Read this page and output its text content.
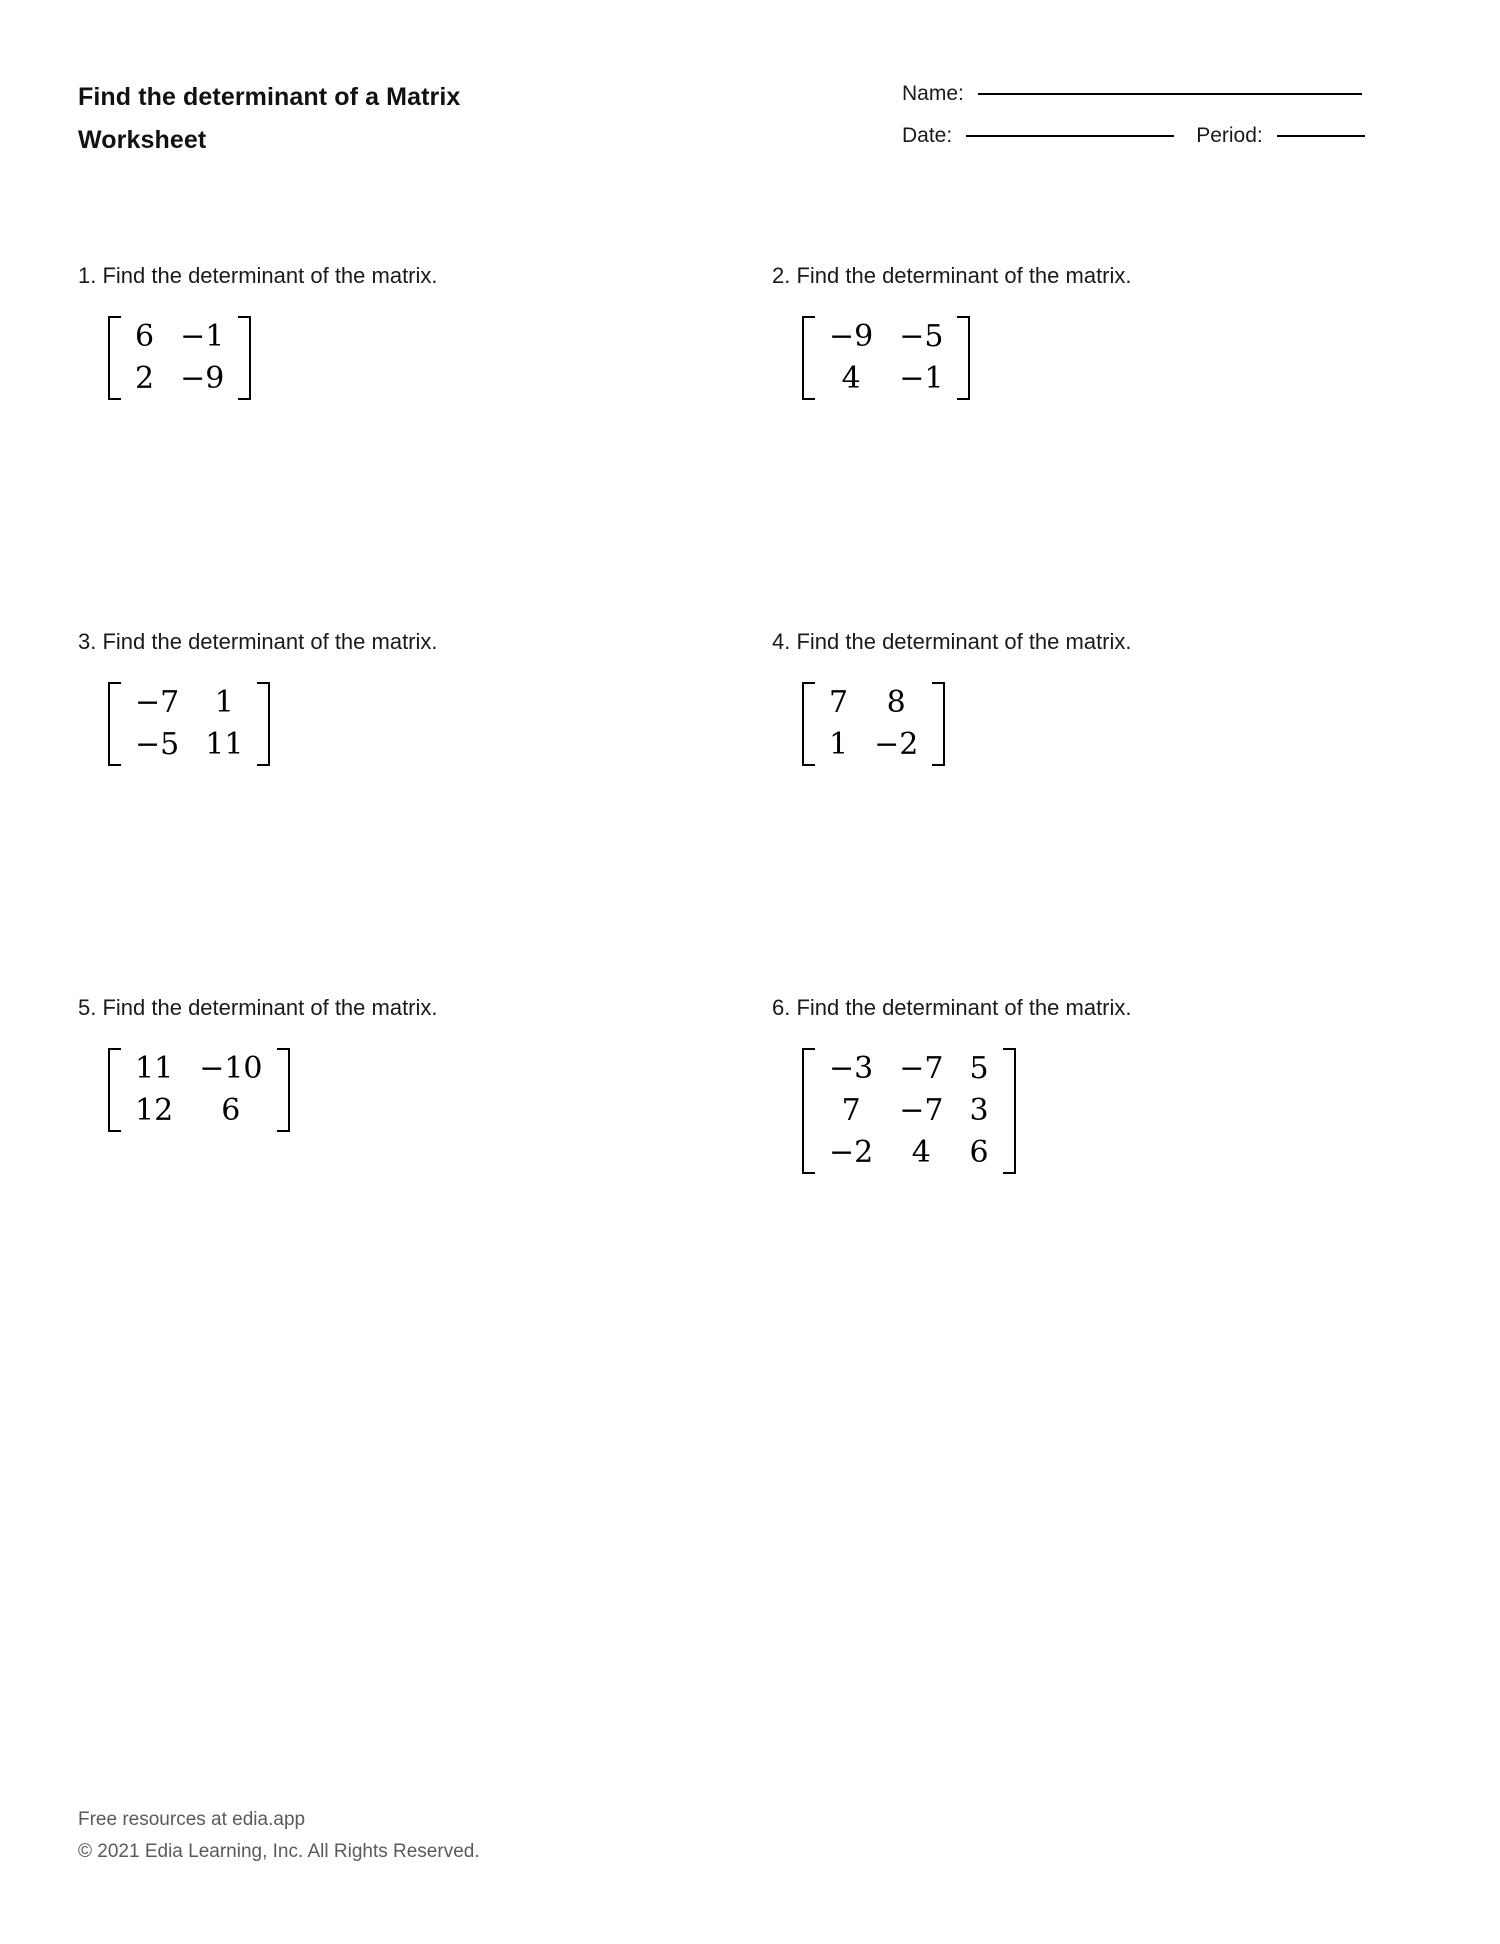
Find the determinant of a Matrix
Worksheet
Name:
Date:	Period:
1. Find the determinant of the matrix.
6	−1
2	−9
2. Find the determinant of the matrix.
−9	−5
4	−1
3. Find the determinant of the matrix.
−7	1
−5	11
4. Find the determinant of the matrix.
7	8
1	−2
5. Find the determinant of the matrix.
11	−10
12	6
6. Find the determinant of the matrix.
−3	−7	5
7	−7	3
−2	4	6
Free resources at edia.app
© 2021 Edia Learning, Inc. All Rights Reserved.
